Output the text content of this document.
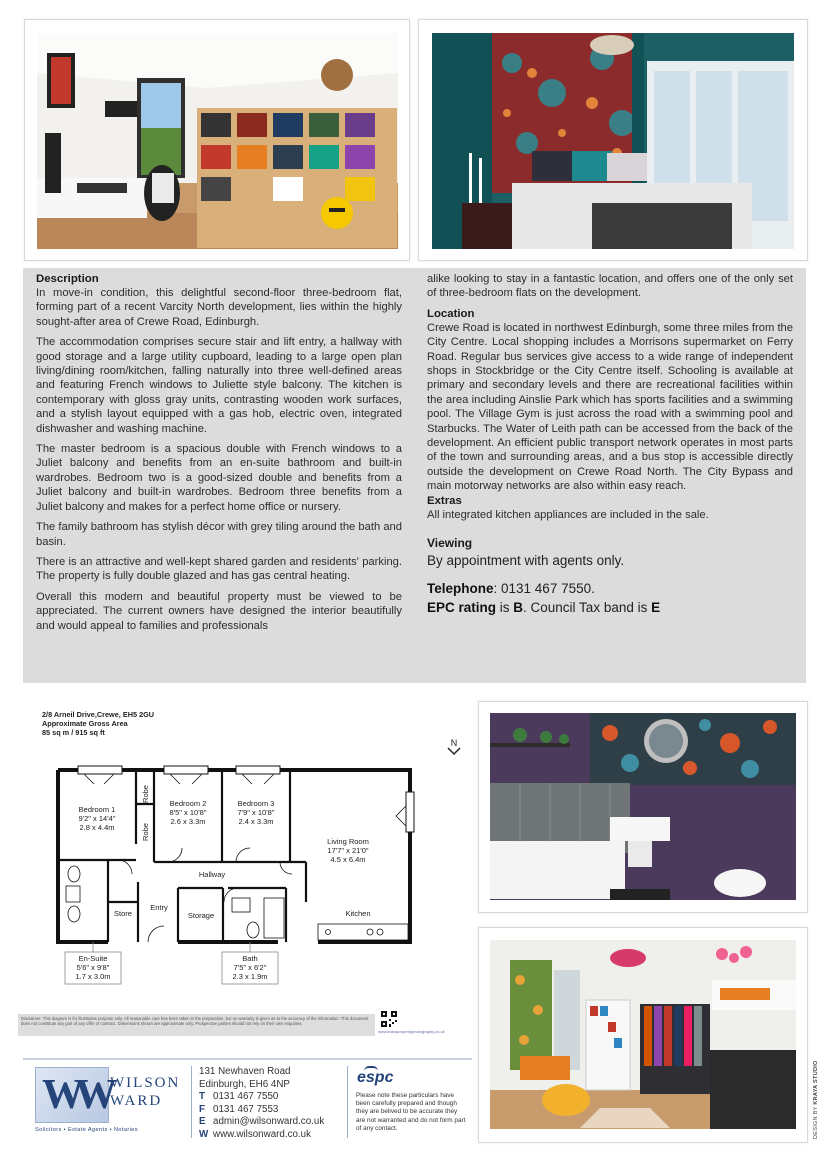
Description

In move-in condition, this delightful second-floor three-bedroom flat, forming part of a recent Varcity North development, lies within the highly sought-after area of Crewe Road, Edinburgh.

The accommodation comprises secure stair and lift entry, a hallway with good storage and a large utility cupboard, leading to a large open plan living/dining room/kitchen, falling naturally into three well-defined areas and featuring French windows to Juliette style balcony. The kitchen is contemporary with gloss gray units, contrasting wooden work surfaces, and a stylish layout equipped with a gas hob, electric oven, integrated dishwasher and washing machine.

The master bedroom is a spacious double with French windows to a Juliet balcony and benefits from an en-suite bathroom and built-in wardrobes. Bedroom two is a good-sized double and benefits from a Juliet balcony and built-in wardrobes. Bedroom three benefits from a Juliet balcony and makes for a perfect home office or nursery.

The family bathroom has stylish décor with grey tiling around the bath and basin.

There is an attractive and well-kept shared garden and residents' parking. The property is fully double glazed and has gas central heating.

Overall this modern and beautiful property must be viewed to be appreciated. The current owners have designed the interior beautifully and would appeal to families and professionals

alike looking to stay in a fantastic location, and offers one of the only set of three-bedroom flats on the development.

Location

Crewe Road is located in northwest Edinburgh, some three miles from the City Centre. Local shopping includes a Morrisons supermarket on Ferry Road. Regular bus services give access to a wide range of independent shops in Stockbridge or the City Centre itself. Schooling is available at primary and secondary levels and there are recreational facilities within the area including Ainslie Park which has sports facilities and a swimming pool. The Village Gym is just across the road with a swimming pool and Starbucks. The Water of Leith path can be accessed from the back of the development. An efficient public transport network operates in most parts of the town and surrounding areas, and a bus stop is accessible directly outside the development on Crewe Road North. The City Bypass and main motorway networks are also within easy reach.

Extras

All integrated kitchen appliances are included in the sale.

Viewing
By appointment with agents only.
Telephone: 0131 467 7550.
EPC rating is B. Council Tax band is E
2/8 Arneil Drive,Crewe, EH5 2GU
Approximate Gross Area
85 sq m / 915 sq ft
N
Bedroom 1
9'2" x 14'4"
2.8 x 4.4m
Bedroom 2
8'5" x 10'8"
2.6 x 3.3m
Bedroom 3
7'9" x 10'8"
2.4 x 3.3m
Living Room
17'7" x 21'0"
4.5 x 6.4m
Hallway
Kitchen
Store
Entry
Storage
En-Suite
5'6" x 9'8"
1.7 x 3.0m
Bath
7'5" x 6'2"
2.3 x 1.9m
Robe
Robe
Disclaimer: This diagram is for illustrative purpose only. All reasonable care has been taken in the preparation, but no warranty is given as to the accuracy of the information. This document does not constitute any part of any offer or contract. Dimensions shown are approximate only. Prospective parties should not rely on their own enquiries.
www.kravapropertyphotography.co.uk
WW WILSON
WARD
Solicitors • Estate Agents • Notaries
131 Newhaven Road
Edinburgh, EH6 4NP
T 0131 467 7550
F 0131 467 7553
E admin@wilsonward.co.uk
W www.wilsonward.co.uk
espc
Please note these particulars have been carefully prepared and though they are belived to be accurate they are not warranted and do not form part of any contact.	DESIGN BY KRAYA STUDIO
